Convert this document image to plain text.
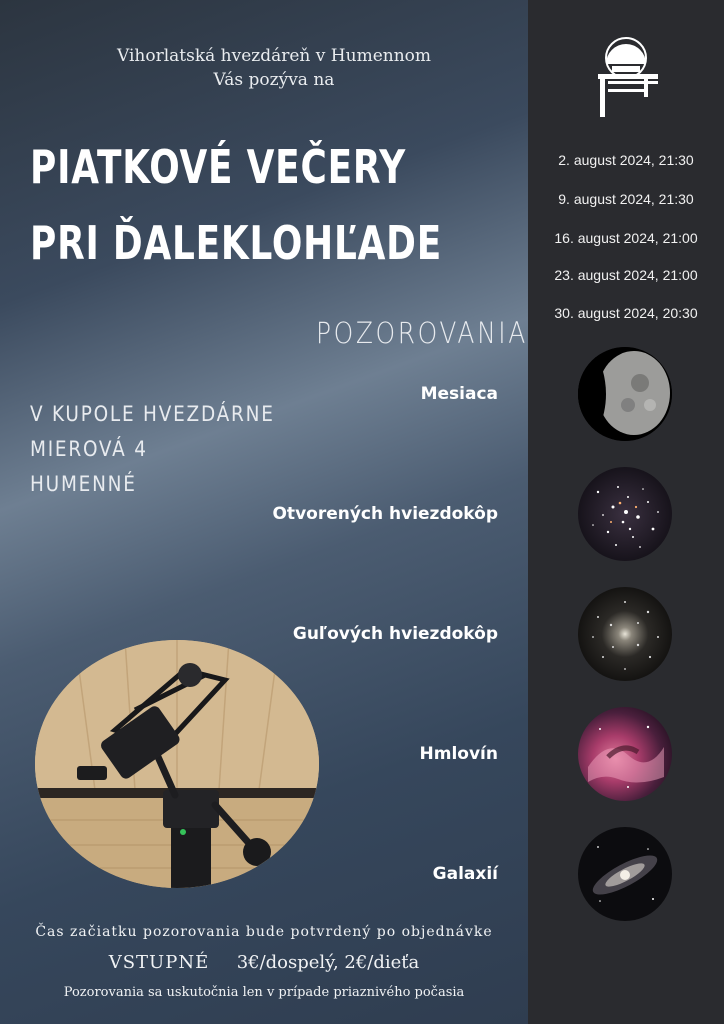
Vihorlatská hvezdáreň v Humennom
Vás pozýva na
PIATKOVÉ VEČERY
PRI ĎALEKLOHĽADE
POZOROVANIA
V KUPOLE HVEZDÁRNE
MIEROVÁ 4
HUMENNÉ
2. august 2024, 21:30
9. august 2024, 21:30
16. august 2024, 21:00
23. august 2024, 21:00
30. august 2024, 20:30
Mesiaca
Otvorených hviezdokôp
Guľových hviezdokôp
Hmlovín
Galaxií
Čas začiatku pozorovania bude potvrdený po objednávke
VSTUPNÉ 3€/dospelý, 2€/dieťa
Pozorovania sa uskutočnia len v prípade priaznivého počasia
